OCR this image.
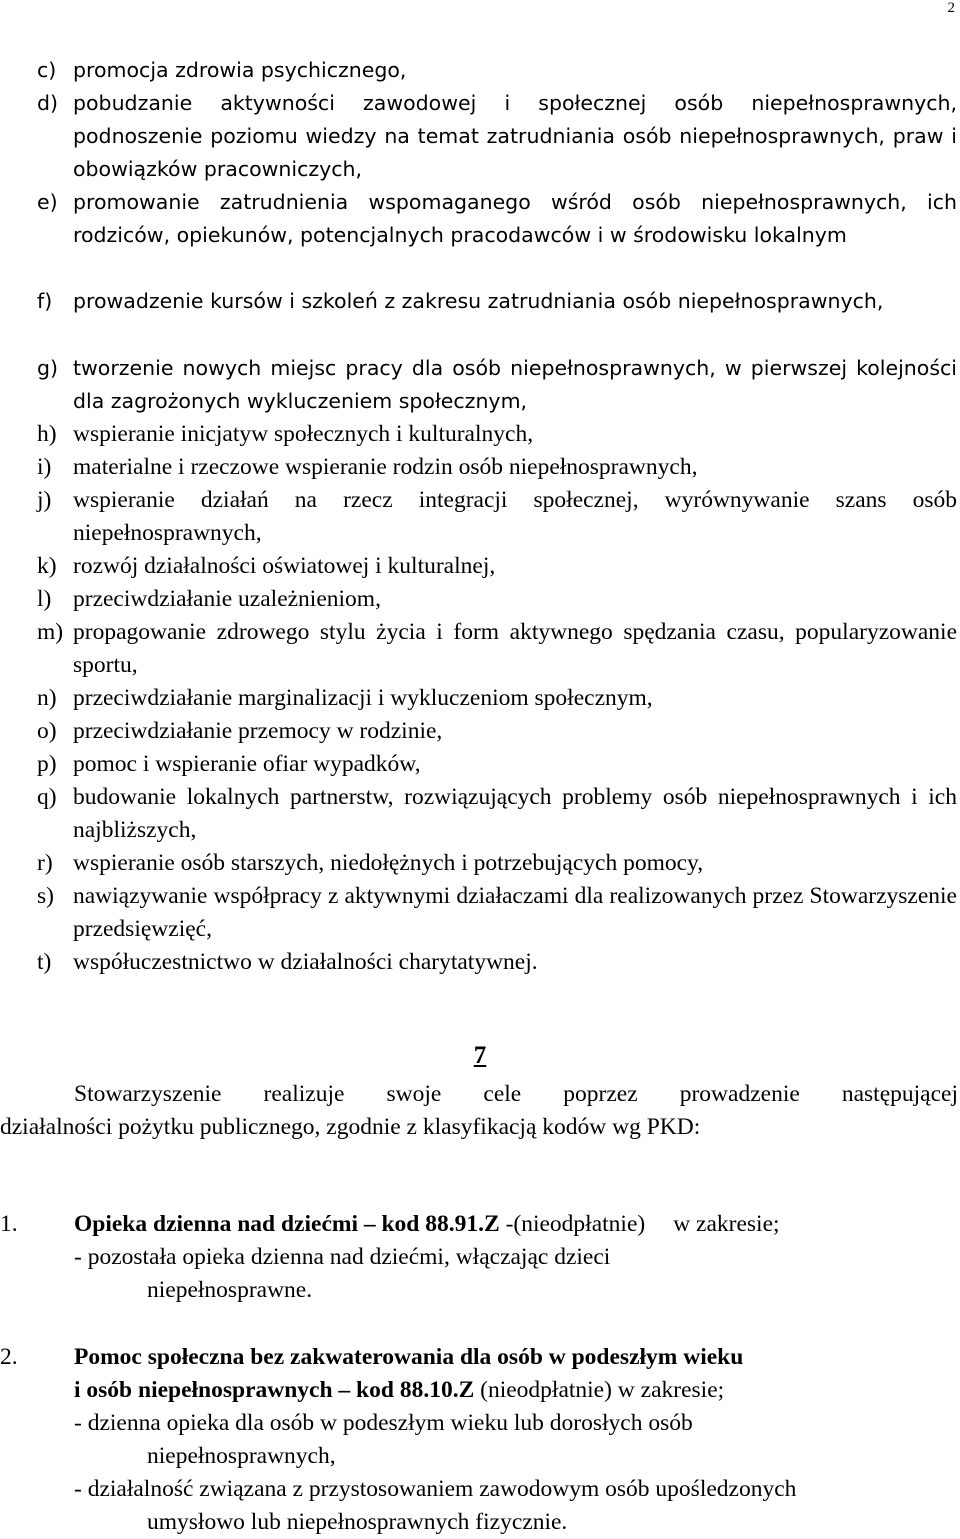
2
c) promocja zdrowia psychicznego,
d) pobudzanie aktywności zawodowej i społecznej osób niepełnosprawnych, podnoszenie poziomu wiedzy na temat zatrudniania osób niepełnosprawnych, praw i obowiązków pracowniczych,
e) promowanie zatrudnienia wspomaganego wśród osób niepełnosprawnych, ich rodziców, opiekunów, potencjalnych pracodawców i w środowisku lokalnym
f) prowadzenie kursów i szkoleń z zakresu zatrudniania osób niepełnosprawnych,
g) tworzenie nowych miejsc pracy dla osób niepełnosprawnych, w pierwszej kolejności dla zagrożonych wykluczeniem społecznym,
h) wspieranie inicjatyw społecznych i kulturalnych,
i) materialne i rzeczowe wspieranie rodzin osób niepełnosprawnych,
j) wspieranie działań na rzecz integracji społecznej, wyrównywanie szans osób niepełnosprawnych,
k) rozwój działalności oświatowej i kulturalnej,
l) przeciwdziałanie uzależnieniom,
m) propagowanie zdrowego stylu życia i form aktywnego spędzania czasu, popularyzowanie sportu,
n) przeciwdziałanie marginalizacji i wykluczeniom społecznym,
o) przeciwdziałanie przemocy w rodzinie,
p) pomoc i wspieranie ofiar wypadków,
q) budowanie lokalnych partnerstw, rozwiązujących problemy osób niepełnosprawnych i ich najbliższych,
r) wspieranie osób starszych, niedołężnych i potrzebujących pomocy,
s) nawiązywanie współpracy z aktywnymi działaczami dla realizowanych przez Stowarzyszenie przedsięwzięć,
t) współuczestnictwo w działalności charytatywnej.
7
Stowarzyszenie realizuje swoje cele poprzez prowadzenie następującej
działalności pożytku publicznego, zgodnie z klasyfikacją kodów wg PKD:
1. Opieka dzienna nad dziećmi – kod 88.91.Z -(nieodpłatnie) w zakresie;
- pozostała opieka dzienna nad dziećmi, włączając dzieci
niepełnosprawne.
2. Pomoc społeczna bez zakwaterowania dla osób w podeszłym wieku
i osób niepełnosprawnych – kod 88.10.Z (nieodpłatnie) w zakresie;
- dzienna opieka dla osób w podeszłym wieku lub dorosłych osób
niepełnosprawnych,
- działalność związana z przystosowaniem zawodowym osób upośledzonych
umysłowo lub niepełnosprawnych fizycznie.
